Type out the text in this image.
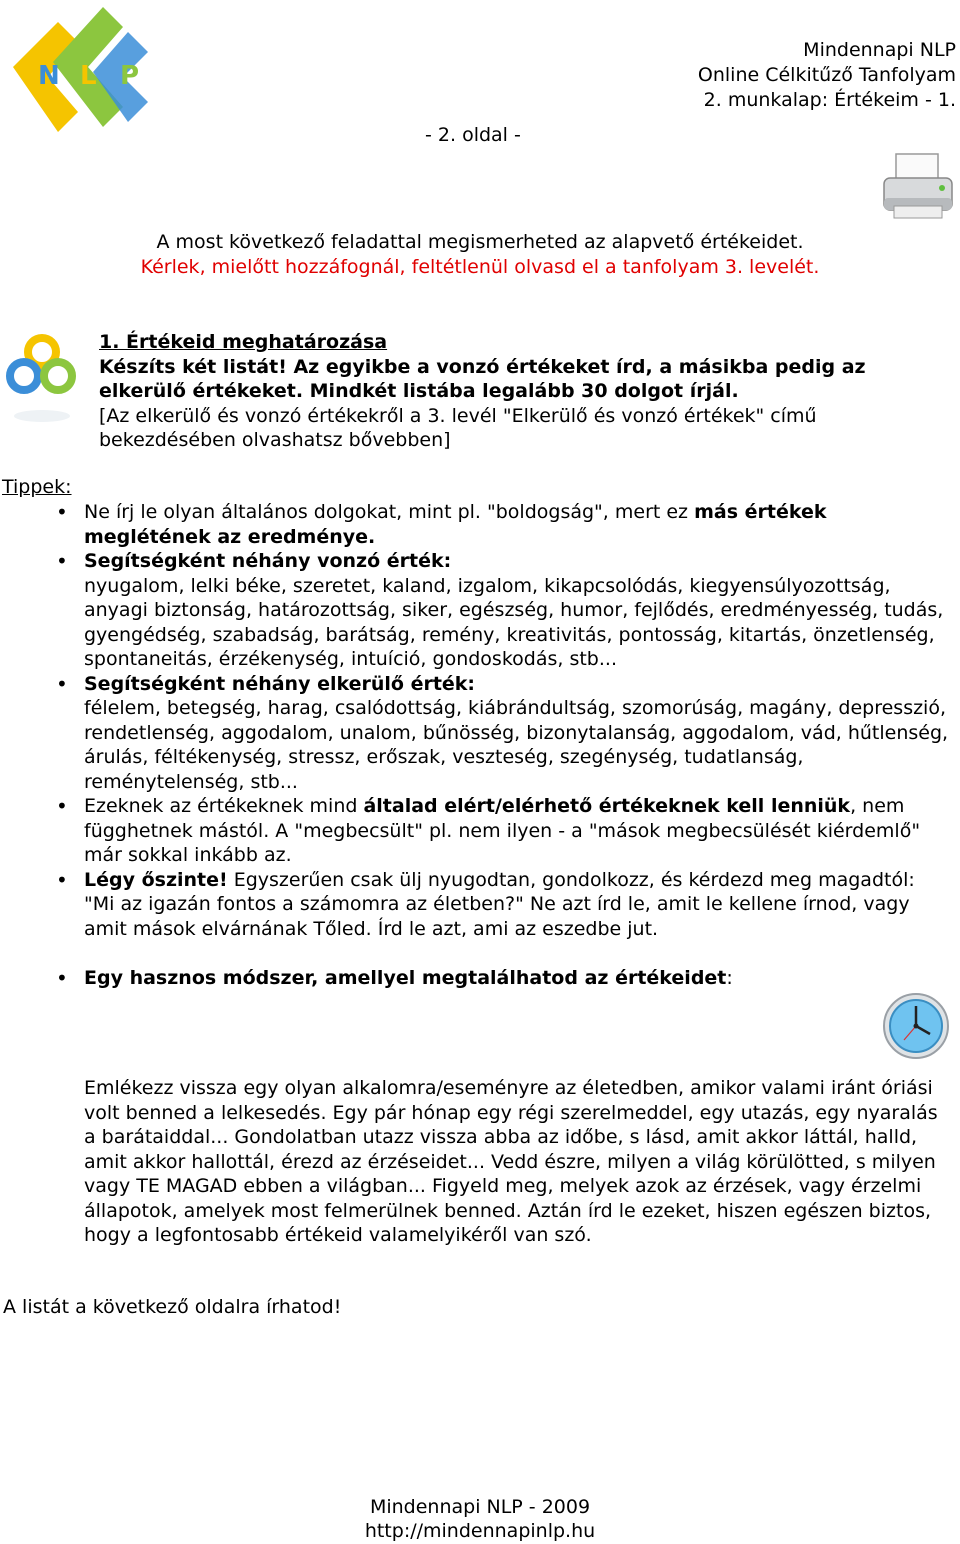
N L P
Mindennapi NLP
Online Célkitűző Tanfolyam
2. munkalap: Értékeim - 1.
- 2. oldal -
A most következő feladattal megismerheted az alapvető értékeidet.
Kérlek, mielőtt hozzáfognál, feltétlenül olvasd el a tanfolyam 3. levelét.
1. Értékeid meghatározása
Készíts két listát! Az egyikbe a vonzó értékeket írd, a másikba pedig az elkerülő értékeket. Mindkét listába legalább 30 dolgot írjál.
[Az elkerülő és vonzó értékekről a 3. levél "Elkerülő és vonzó értékek" című bekezdésében olvashatsz bővebben]
Tippek:
• Ne írj le olyan általános dolgokat, mint pl. "boldogság", mert ez más értékek meglétének az eredménye.
• Segítségként néhány vonzó érték:
nyugalom, lelki béke, szeretet, kaland, izgalom, kikapcsolódás, kiegyensúlyozottság, anyagi biztonság, határozottság, siker, egészség, humor, fejlődés, eredményesség, tudás, gyengédség, szabadság, barátság, remény, kreativitás, pontosság, kitartás, önzetlenség, spontaneitás, érzékenység, intuíció, gondoskodás, stb...
• Segítségként néhány elkerülő érték:
félelem, betegség, harag, csalódottság, kiábrándultság, szomorúság, magány, depresszió, rendetlenség, aggodalom, unalom, bűnösség, bizonytalanság, aggodalom, vád, hűtlenség, árulás, féltékenység, stressz, erőszak, veszteség, szegénység, tudatlanság, reménytelenség, stb...
• Ezeknek az értékeknek mind általad elért/elérhető értékeknek kell lenniük, nem függhetnek mástól. A "megbecsült" pl. nem ilyen - a "mások megbecsülését kiérdemlő" már sokkal inkább az.
• Légy őszinte! Egyszerűen csak ülj nyugodtan, gondolkozz, és kérdezd meg magadtól: "Mi az igazán fontos a számomra az életben?" Ne azt írd le, amit le kellene írnod, vagy amit mások elvárnának Tőled. Írd le azt, ami az eszedbe jut.
• Egy hasznos módszer, amellyel megtalálhatod az értékeidet:
Emlékezz vissza egy olyan alkalomra/eseményre az életedben, amikor valami iránt óriási volt benned a lelkesedés. Egy pár hónap egy régi szerelmeddel, egy utazás, egy nyaralás a barátaiddal... Gondolatban utazz vissza abba az időbe, s lásd, amit akkor láttál, halld, amit akkor hallottál, érezd az érzéseidet... Vedd észre, milyen a világ körülötted, s milyen vagy TE MAGAD ebben a világban... Figyeld meg, melyek azok az érzések, vagy érzelmi állapotok, amelyek most felmerülnek benned. Aztán írd le ezeket, hiszen egészen biztos, hogy a legfontosabb értékeid valamelyikéről van szó.
A listát a következő oldalra írhatod!
Mindennapi NLP - 2009
http://mindennapinlp.hu
